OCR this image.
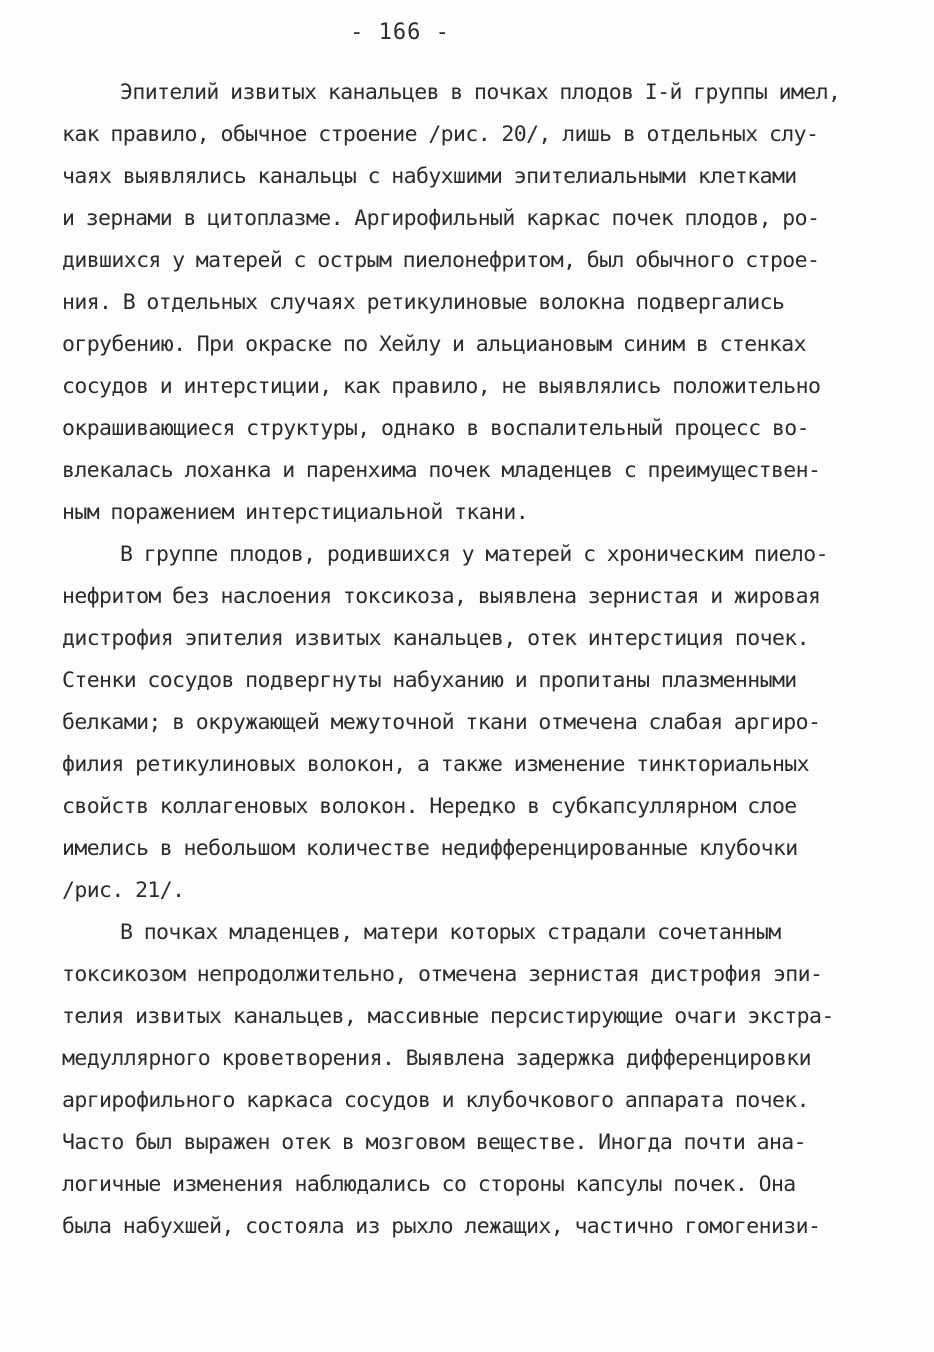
- 166 -
Эпителий извитых канальцев в почках плодов I-й группы имел,
как правило, обычное строение /рис. 20/, лишь в отдельных слу-
чаях выявлялись канальцы с набухшими эпителиальными клетками
и зернами в цитоплазме. Аргирофильный каркас почек плодов, ро-
дившихся у матерей с острым пиелонефритом, был обычного строе-
ния. В отдельных случаях ретикулиновые волокна подвергались
огрубению. При окраске по Хейлу и альциановым синим в стенках
сосудов и интерстиции, как правило, не выявлялись положительно
окрашивающиеся структуры, однако в воспалительный процесс во-
влекалась лоханка и паренхима почек младенцев с преимуществен-
ным поражением интерстициальной ткани.
В группе плодов, родившихся у матерей с хроническим пиело-
нефритом без наслоения токсикоза, выявлена зернистая и жировая
дистрофия эпителия извитых канальцев, отек интерстиция почек.
Стенки сосудов подвергнуты набуханию и пропитаны плазменными
белками; в окружающей межуточной ткани отмечена слабая аргиро-
филия ретикулиновых волокон, а также изменение тинкториальных
свойств коллагеновых волокон. Нередко в субкапсуллярном слое
имелись в небольшом количестве недифференцированные клубочки
/рис. 21/.
В почках младенцев, матери которых страдали сочетанным
токсикозом непродолжительно, отмечена зернистая дистрофия эпи-
телия извитых канальцев, массивные персистирующие очаги экстра-
медуллярного кроветворения. Выявлена задержка дифференцировки
аргирофильного каркаса сосудов и клубочкового аппарата почек.
Часто был выражен отек в мозговом веществе. Иногда почти ана-
логичные изменения наблюдались со стороны капсулы почек. Она
была набухшей, состояла из рыхло лежащих, частично гомогенизи-
